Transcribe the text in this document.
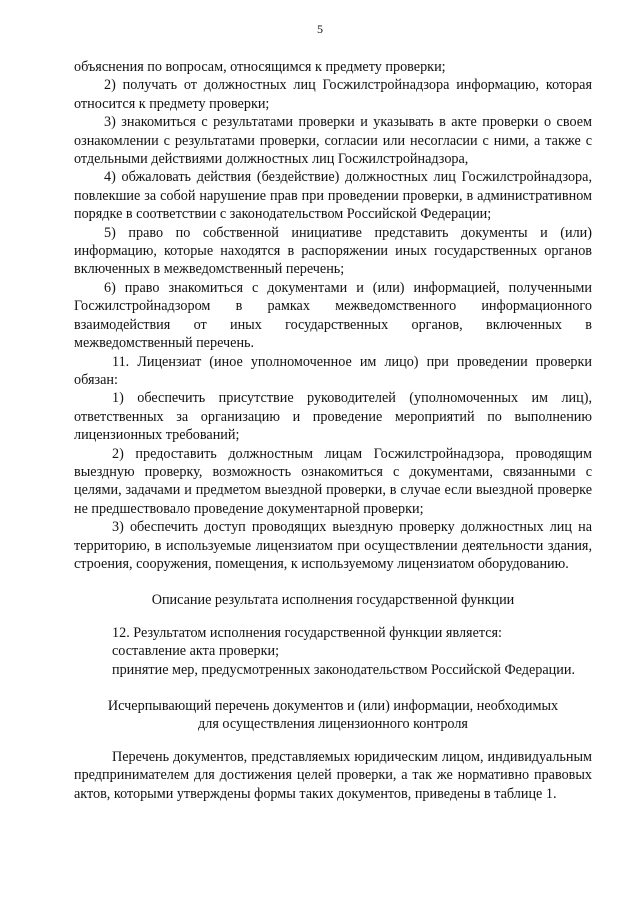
5

объяснения по вопросам, относящимся к предмету проверки;

2) получать от должностных лиц Госжилстройнадзора информацию, которая относится к предмету проверки;

3) знакомиться с результатами проверки и указывать в акте проверки о своем ознакомлении с результатами проверки, согласии или несогласии с ними, а также с отдельными действиями должностных лиц Госжилстройнадзора,

4) обжаловать действия (бездействие) должностных лиц Госжилстройнадзора, повлекшие за собой нарушение прав при проведении проверки, в административном порядке в соответствии с законодательством Российской Федерации;

5) право по собственной инициативе представить документы и (или) информацию, которые находятся в распоряжении иных государственных органов включенных в межведомственный перечень;

6) право знакомиться с документами и (или) информацией, полученными Госжилстройнадзором в рамках межведомственного информационного взаимодействия от иных государственных органов, включенных в межведомственный перечень.

11. Лицензиат (иное уполномоченное им лицо) при проведении проверки обязан:

1) обеспечить присутствие руководителей (уполномоченных им лиц), ответственных за организацию и проведение мероприятий по выполнению лицензионных требований;

2) предоставить должностным лицам Госжилстройнадзора, проводящим выездную проверку, возможность ознакомиться с документами, связанными с целями, задачами и предметом выездной проверки, в случае если выездной проверке не предшествовало проведение документарной проверки;

3) обеспечить доступ проводящих выездную проверку должностных лиц на территорию, в используемые лицензиатом при осуществлении деятельности здания, строения, сооружения, помещения, к используемому лицензиатом оборудованию.

Описание результата исполнения государственной функции

12. Результатом исполнения государственной функции является:

составление акта проверки;

принятие мер, предусмотренных законодательством Российской Федерации.

Исчерпывающий перечень документов и (или) информации, необходимых

для осуществления лицензионного контроля

Перечень документов, представляемых юридическим лицом, индивидуальным предпринимателем для достижения целей проверки, а так же нормативно правовых актов, которыми утверждены формы таких документов, приведены в таблице 1.
